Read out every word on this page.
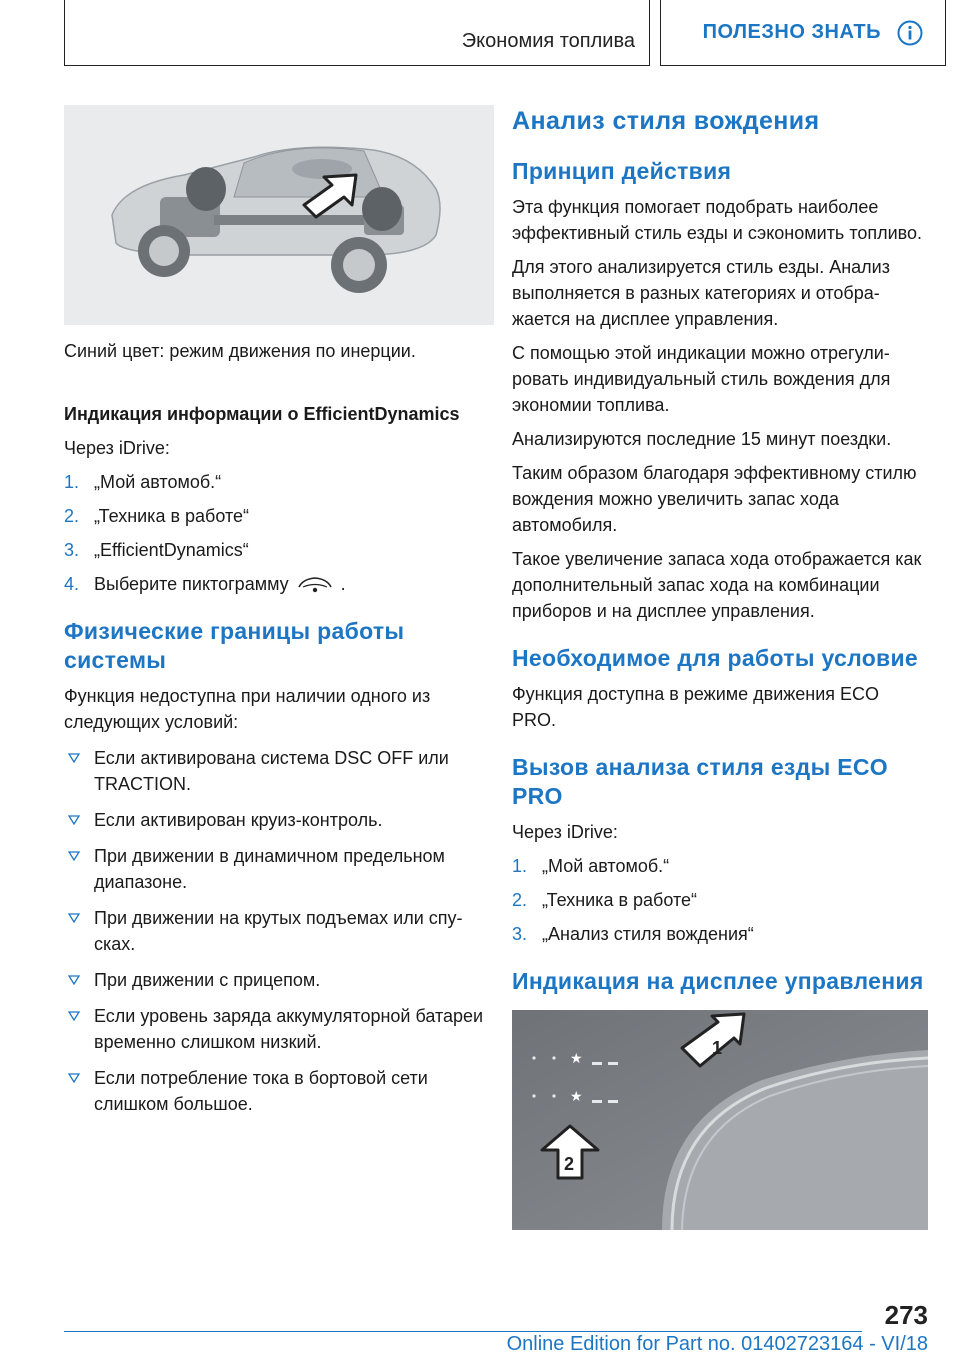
Экономия топлива	ПОЛЕЗНО ЗНАТЬ

Синий цвет: режим движения по инерции.

Индикация информации о EfficientDynamics

Через iDrive:

1. „Мой автомоб.“
2. „Техника в работе“
3. „EfficientDynamics“
4. Выберите пиктограмму	.
Физические границы работы системы

Функция недоступна при наличии одного из следующих условий:

Если активирована система DSC OFF или TRACTION.
Если активирован круиз-контроль.
При движении в динамичном предельном диапазоне.
При движении на крутых подъемах или спусках.
При движении с прицепом.
Если уровень заряда аккумуляторной батареи временно слишком низкий.
Если потребление тока в бортовой сети слишком большое.
Анализ стиля вождения
Принцип действия

Эта функция помогает подобрать наиболее эффективный стиль езды и сэкономить топливо.

Для этого анализируется стиль езды. Анализ выполняется в разных категориях и отображается на дисплее управления.

С помощью этой индикации можно отрегулировать индивидуальный стиль вождения для экономии топлива.

Анализируются последние 15 минут поездки.

Таким образом благодаря эффективному стилю вождения можно увеличить запас хода автомобиля.

Такое увеличение запаса хода отображается как дополнительный запас хода на комбинации приборов и на дисплее управления.

Необходимое для работы условие

Функция доступна в режиме движения ECO PRO.

Вызов анализа стиля езды ECO PRO

Через iDrive:

1. „Мой автомоб.“
2. „Техника в работе“
3. „Анализ стиля вождения“
Индикация на дисплее управления
★
★
1
2
273
Online Edition for Part no. 01402723164 - VI/18
